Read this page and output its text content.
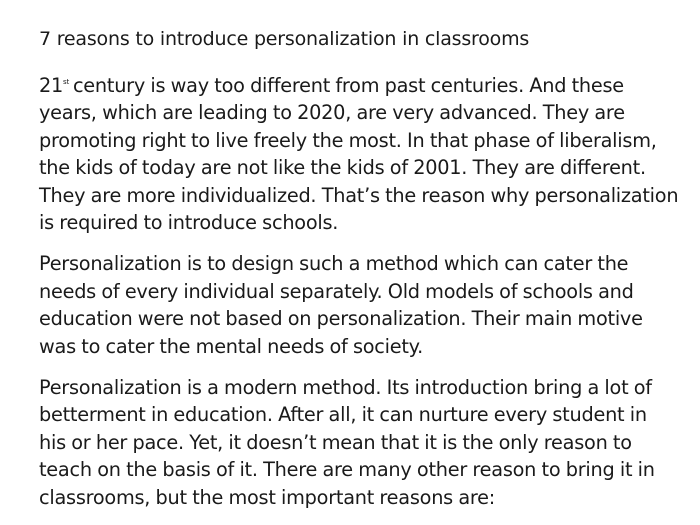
7 reasons to introduce personalization in classrooms

21st century is way too different from past centuries. And these years, which are leading to 2020, are very advanced. They are promoting right to live freely the most. In that phase of liberalism, the kids of today are not like the kids of 2001. They are different. They are more individualized. That’s the reason why personalization is required to introduce schools.

Personalization is to design such a method which can cater the needs of every individual separately. Old models of schools and education were not based on personalization. Their main motive was to cater the mental needs of society.

Personalization is a modern method. Its introduction bring a lot of betterment in education. After all, it can nurture every student in his or her pace. Yet, it doesn’t mean that it is the only reason to teach on the basis of it. There are many other reason to bring it in classrooms, but the most important reasons are:
